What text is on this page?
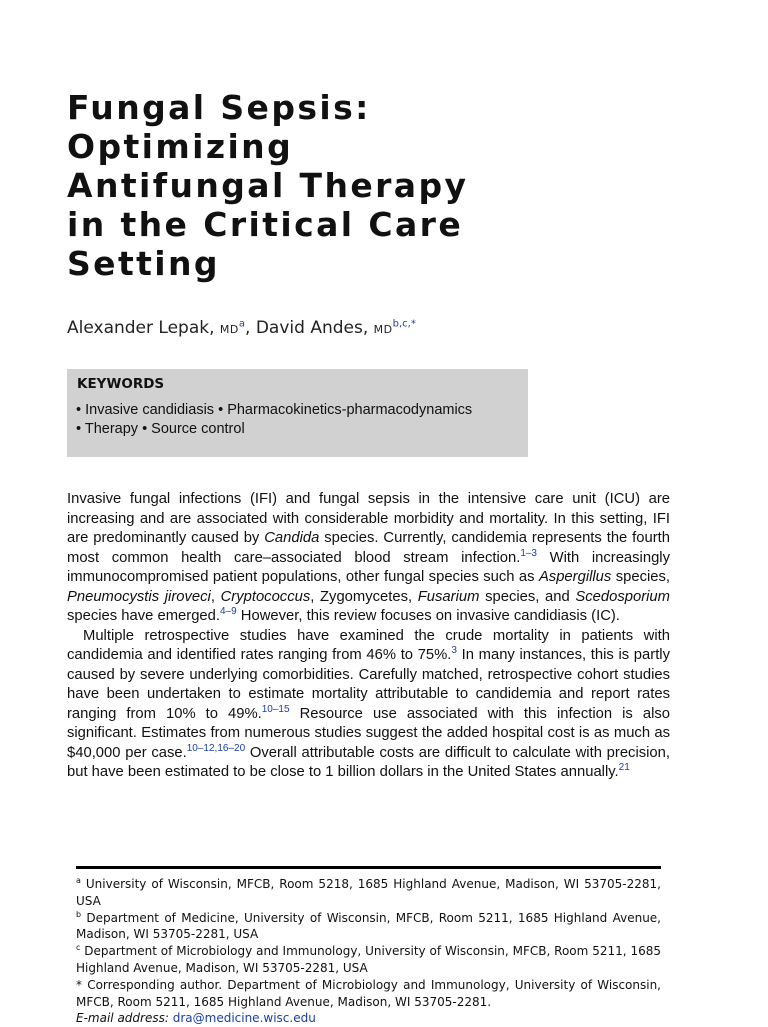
Fungal Sepsis:
Optimizing
Antifungal Therapy
in the Critical Care
Setting
Alexander Lepak, $MD^a$, David Andes, $MD^{b,c,*}$
KEYWORDS
• Invasive candidiasis • Pharmacokinetics-pharmacodynamics
• Therapy • Source control

Invasive fungal infections (IFI) and fungal sepsis in the intensive care unit (ICU) are increasing and are associated with considerable morbidity and mortality. In this setting, IFI are predominantly caused by Candida species. Currently, candidemia represents the fourth most common health care–associated blood stream infection.$^{1-3}$ With increasingly immunocompromised patient populations, other fungal species such as Aspergillus species, Pneumocystis jiroveci, Cryptococcus, Zygomycetes, Fusarium species, and Scedosporium species have emerged.$^{4-9}$ However, this review focuses on invasive candidiasis (IC).

Multiple retrospective studies have examined the crude mortality in patients with candidemia and identified rates ranging from 46% to 75%.$^3$ In many instances, this is partly caused by severe underlying comorbidities. Carefully matched, retrospective cohort studies have been undertaken to estimate mortality attributable to candidemia and report rates ranging from 10% to 49%.$^{10-15}$ Resource use associated with this infection is also significant. Estimates from numerous studies suggest the added hospital cost is as much as $40,000 per case.$^{10-12,16-20}$ Overall attributable costs are difficult to calculate with precision, but have been estimated to be close to 1 billion dollars in the United States annually.$^{21}$

$^a$ University of Wisconsin, MFCB, Room 5218, 1685 Highland Avenue, Madison, WI 53705-2281, USA

$^b$ Department of Medicine, University of Wisconsin, MFCB, Room 5211, 1685 Highland Avenue, Madison, WI 53705-2281, USA

$^c$ Department of Microbiology and Immunology, University of Wisconsin, MFCB, Room 5211, 1685 Highland Avenue, Madison, WI 53705-2281, USA

* Corresponding author. Department of Microbiology and Immunology, University of Wisconsin, MFCB, Room 5211, 1685 Highland Avenue, Madison, WI 53705-2281.

E-mail address: dra@medicine.wisc.edu
